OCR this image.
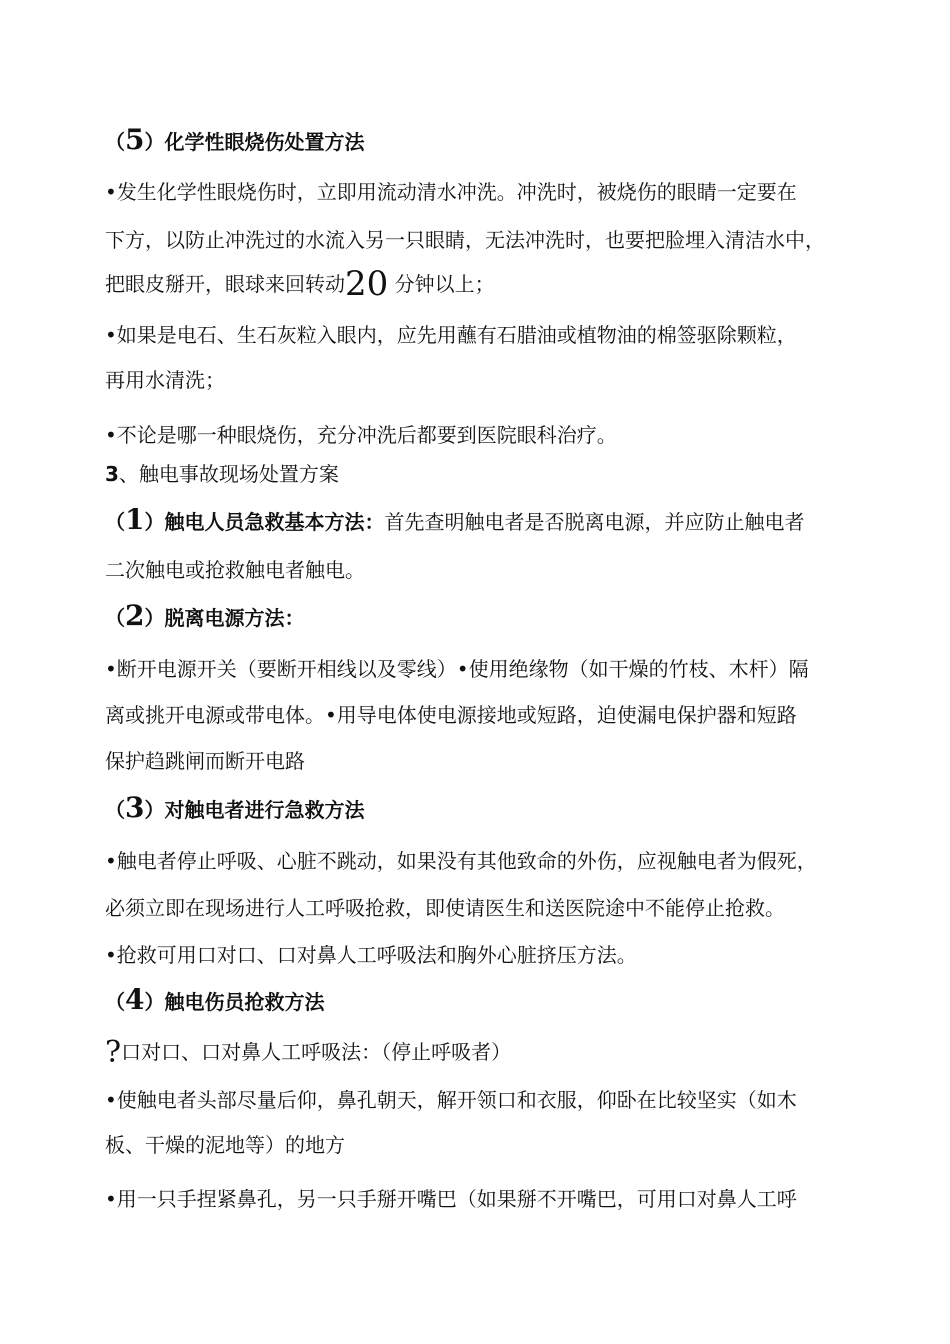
（5）化学性眼烧伤处置方法
•发生化学性眼烧伤时，立即用流动清水冲洗。冲洗时，被烧伤的眼睛一定要在
下方，以防止冲洗过的水流入另一只眼睛，无法冲洗时，也要把脸埋入清洁水中，
把眼皮掰开，眼球来回转动20 分钟以上；
•如果是电石、生石灰粒入眼内，应先用蘸有石腊油或植物油的棉签驱除颗粒，
再用水清洗；
•不论是哪一种眼烧伤，充分冲洗后都要到医院眼科治疗。
3、触电事故现场处置方案
（1）触电人员急救基本方法：首先查明触电者是否脱离电源，并应防止触电者
二次触电或抢救触电者触电。
（2）脱离电源方法：
•断开电源开关（要断开相线以及零线）•使用绝缘物（如干燥的竹枝、木杆）隔
离或挑开电源或带电体。•用导电体使电源接地或短路，迫使漏电保护器和短路
保护趋跳闸而断开电路
（3）对触电者进行急救方法
•触电者停止呼吸、心脏不跳动，如果没有其他致命的外伤，应视触电者为假死，
必须立即在现场进行人工呼吸抢救，即使请医生和送医院途中不能停止抢救。
•抢救可用口对口、口对鼻人工呼吸法和胸外心脏挤压方法。
（4）触电伤员抢救方法
?口对口、口对鼻人工呼吸法：（停止呼吸者）
•使触电者头部尽量后仰，鼻孔朝天，解开领口和衣服，仰卧在比较坚实（如木
板、干燥的泥地等）的地方
•用一只手捏紧鼻孔，另一只手掰开嘴巴（如果掰不开嘴巴，可用口对鼻人工呼
